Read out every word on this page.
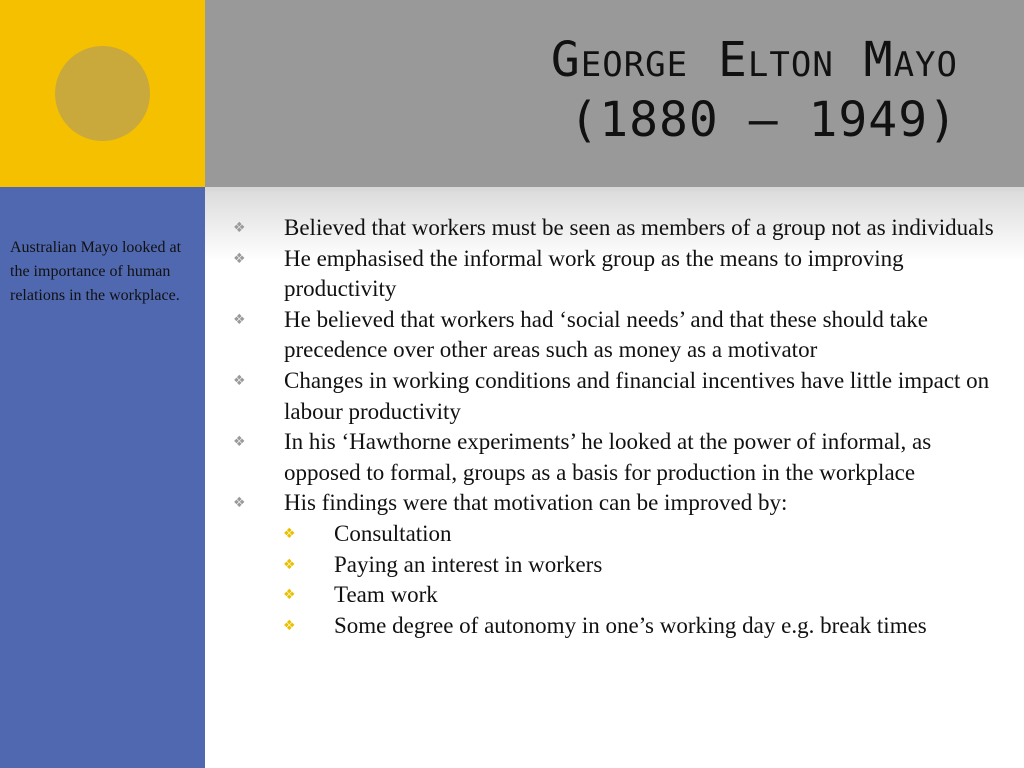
George Elton Mayo
(1880 – 1949)
Australian Mayo looked at the importance of human relations in the workplace.
❖ Believed that workers must be seen as members of a group not as individuals
❖ He emphasised the informal work group as the means to improving productivity
❖ He believed that workers had ‘social needs’ and that these should take precedence over other areas such as money as a motivator
❖ Changes in working conditions and financial incentives have little impact on labour productivity
❖ In his ‘Hawthorne experiments’ he looked at the power of informal, as opposed to formal, groups as a basis for production in the workplace
❖ His findings were that motivation can be improved by:
❖ Consultation
❖ Paying an interest in workers
❖ Team work
❖ Some degree of autonomy in one’s working day e.g. break times
